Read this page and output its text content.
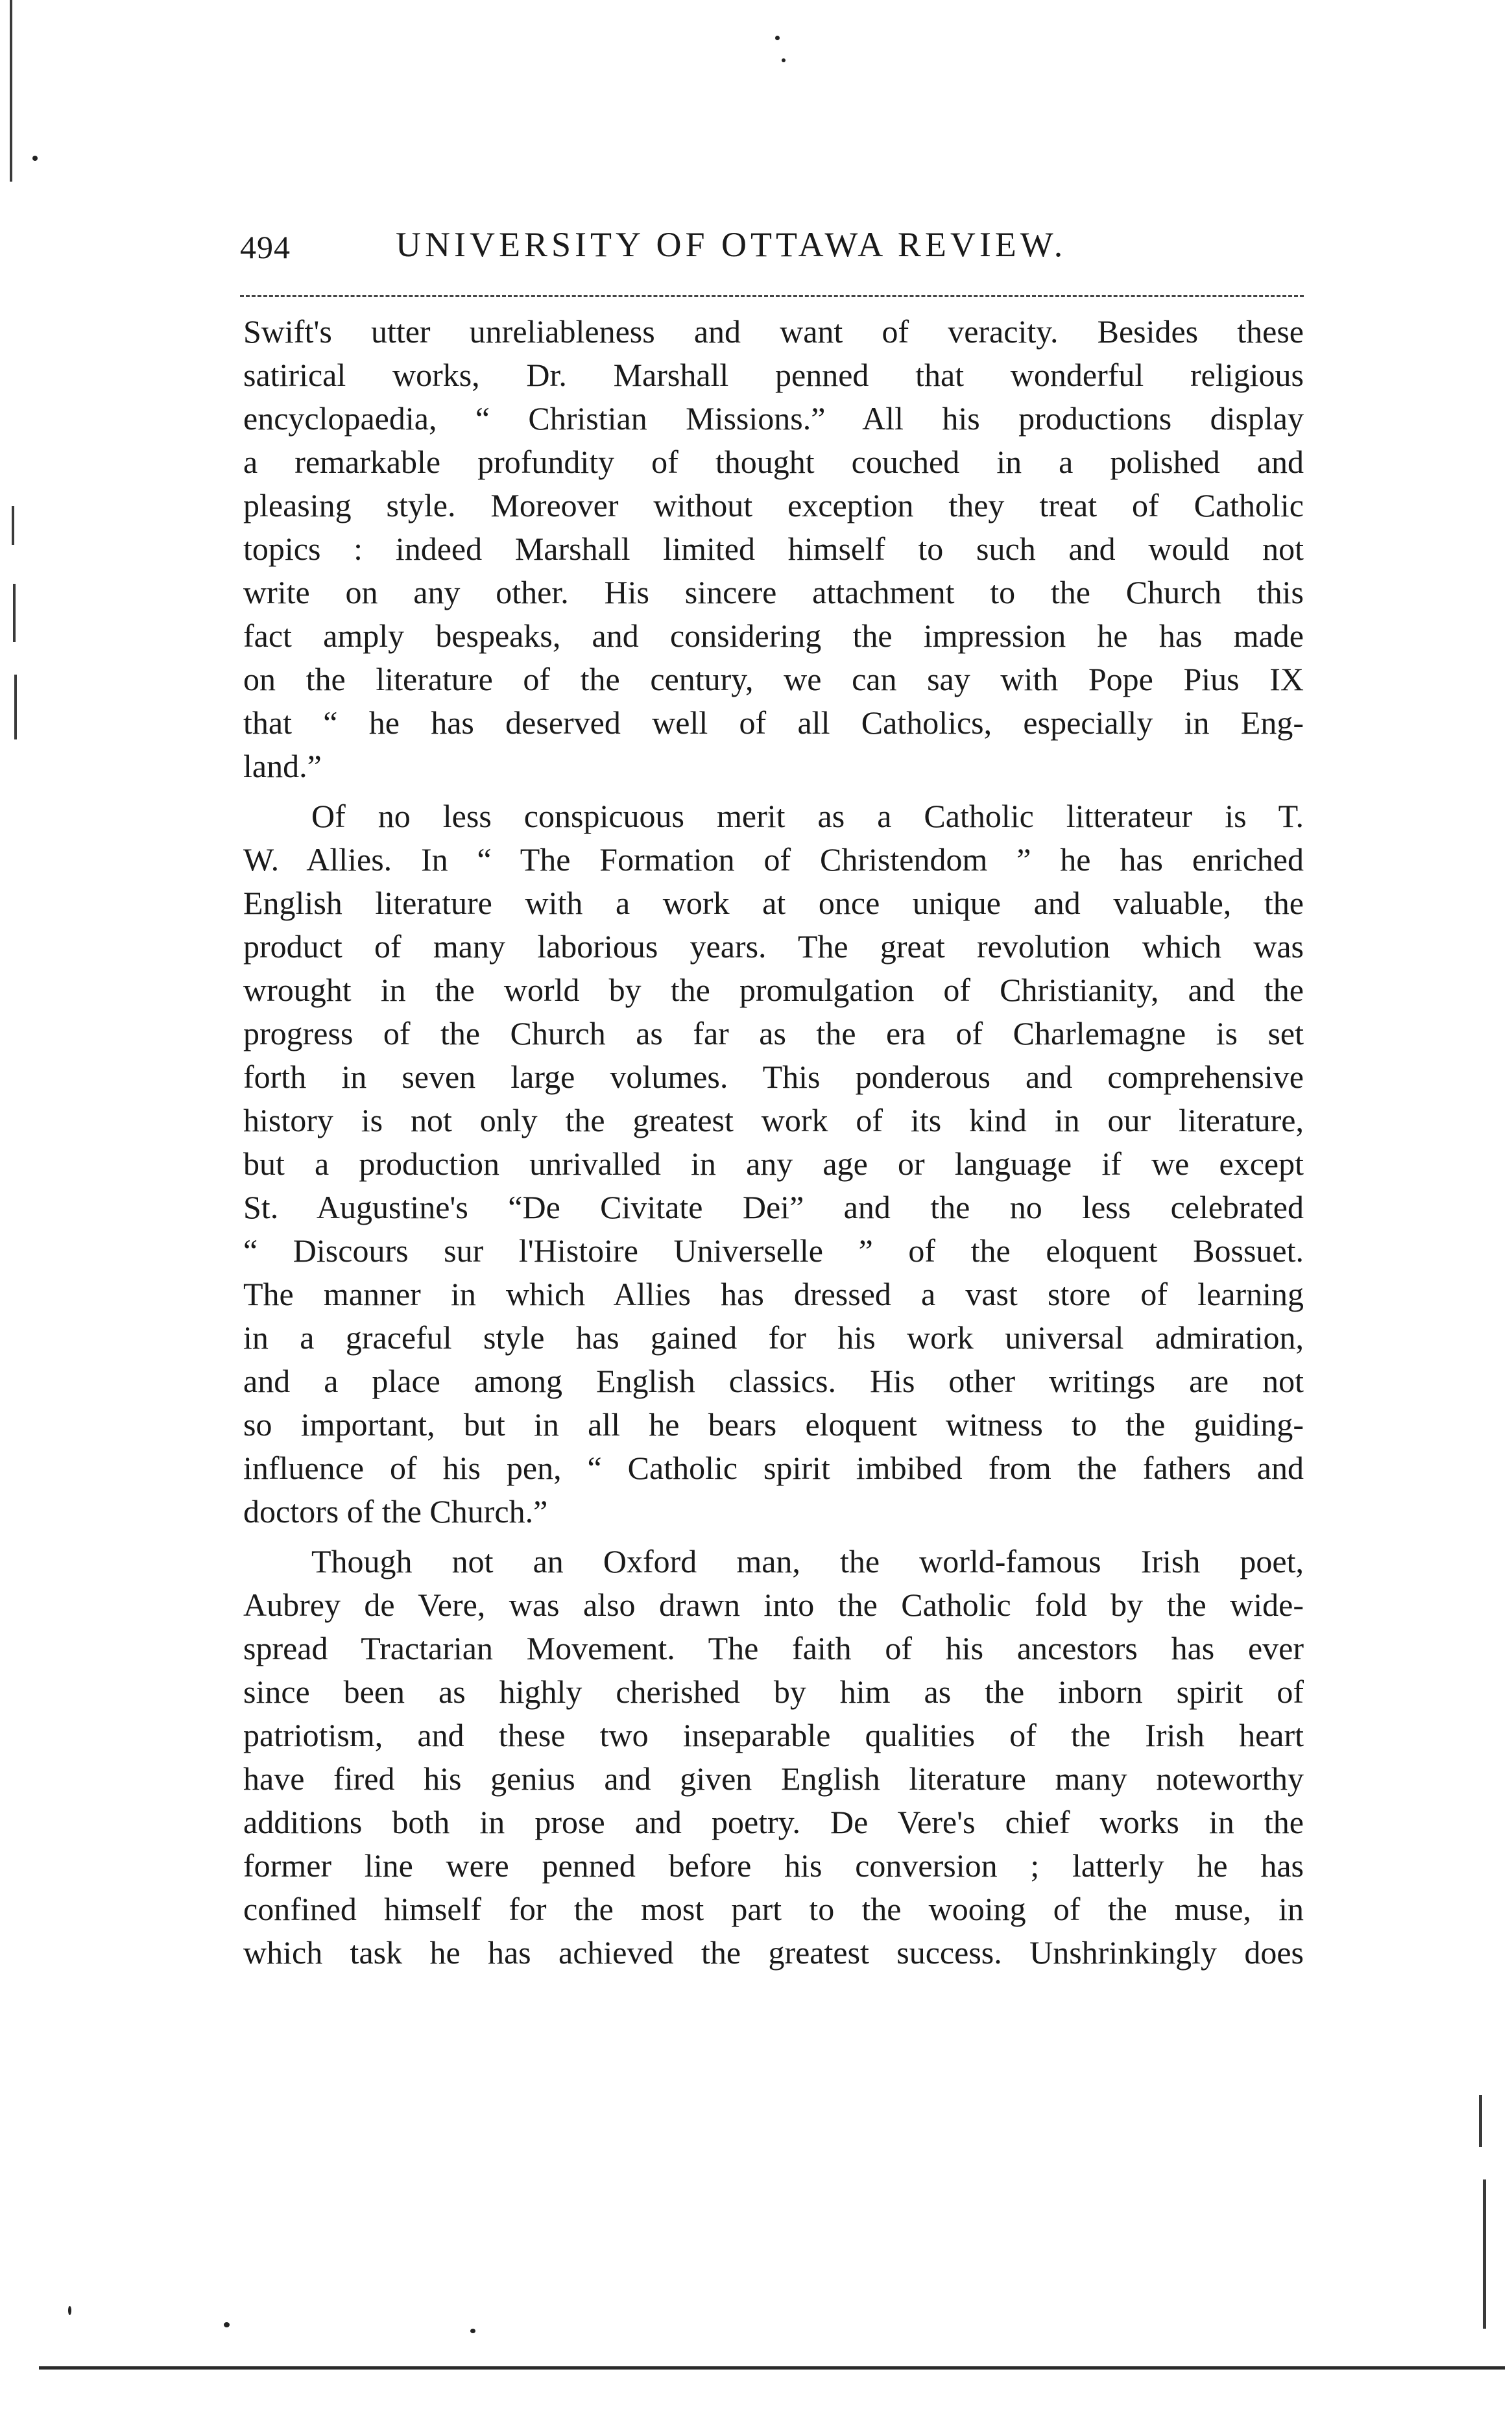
494	UNIVERSITY OF OTTAWA REVIEW.

Swift's utter unreliableness and want of veracity. Besides these

satirical works, Dr. Marshall penned that wonderful religious

encyclopaedia, “ Christian Missions.” All his productions display

a remarkable profundity of thought couched in a polished and

pleasing style. Moreover without exception they treat of Catholic

topics : indeed Marshall limited himself to such and would not

write on any other. His sincere attachment to the Church this

fact amply bespeaks, and considering the impression he has made

on the literature of the century, we can say with Pope Pius IX

that “ he has deserved well of all Catholics, especially in Eng-

land.”

Of no less conspicuous merit as a Catholic litterateur is T.

W. Allies. In “ The Formation of Christendom ” he has enriched

English literature with a work at once unique and valuable, the

product of many laborious years. The great revolution which was

wrought in the world by the promulgation of Christianity, and the

progress of the Church as far as the era of Charlemagne is set

forth in seven large volumes. This ponderous and comprehensive

history is not only the greatest work of its kind in our literature,

but a production unrivalled in any age or language if we except

St. Augustine's “De Civitate Dei” and the no less celebrated

“ Discours sur l'Histoire Universelle ” of the eloquent Bossuet.

The manner in which Allies has dressed a vast store of learning

in a graceful style has gained for his work universal admiration,

and a place among English classics. His other writings are not

so important, but in all he bears eloquent witness to the guiding-

influence of his pen, “ Catholic spirit imbibed from the fathers and

doctors of the Church.”

Though not an Oxford man, the world-famous Irish poet,

Aubrey de Vere, was also drawn into the Catholic fold by the wide-

spread Tractarian Movement. The faith of his ancestors has ever

since been as highly cherished by him as the inborn spirit of

patriotism, and these two inseparable qualities of the Irish heart

have fired his genius and given English literature many noteworthy

additions both in prose and poetry. De Vere's chief works in the

former line were penned before his conversion ; latterly he has

confined himself for the most part to the wooing of the muse, in

which task he has achieved the greatest success. Unshrinkingly does
